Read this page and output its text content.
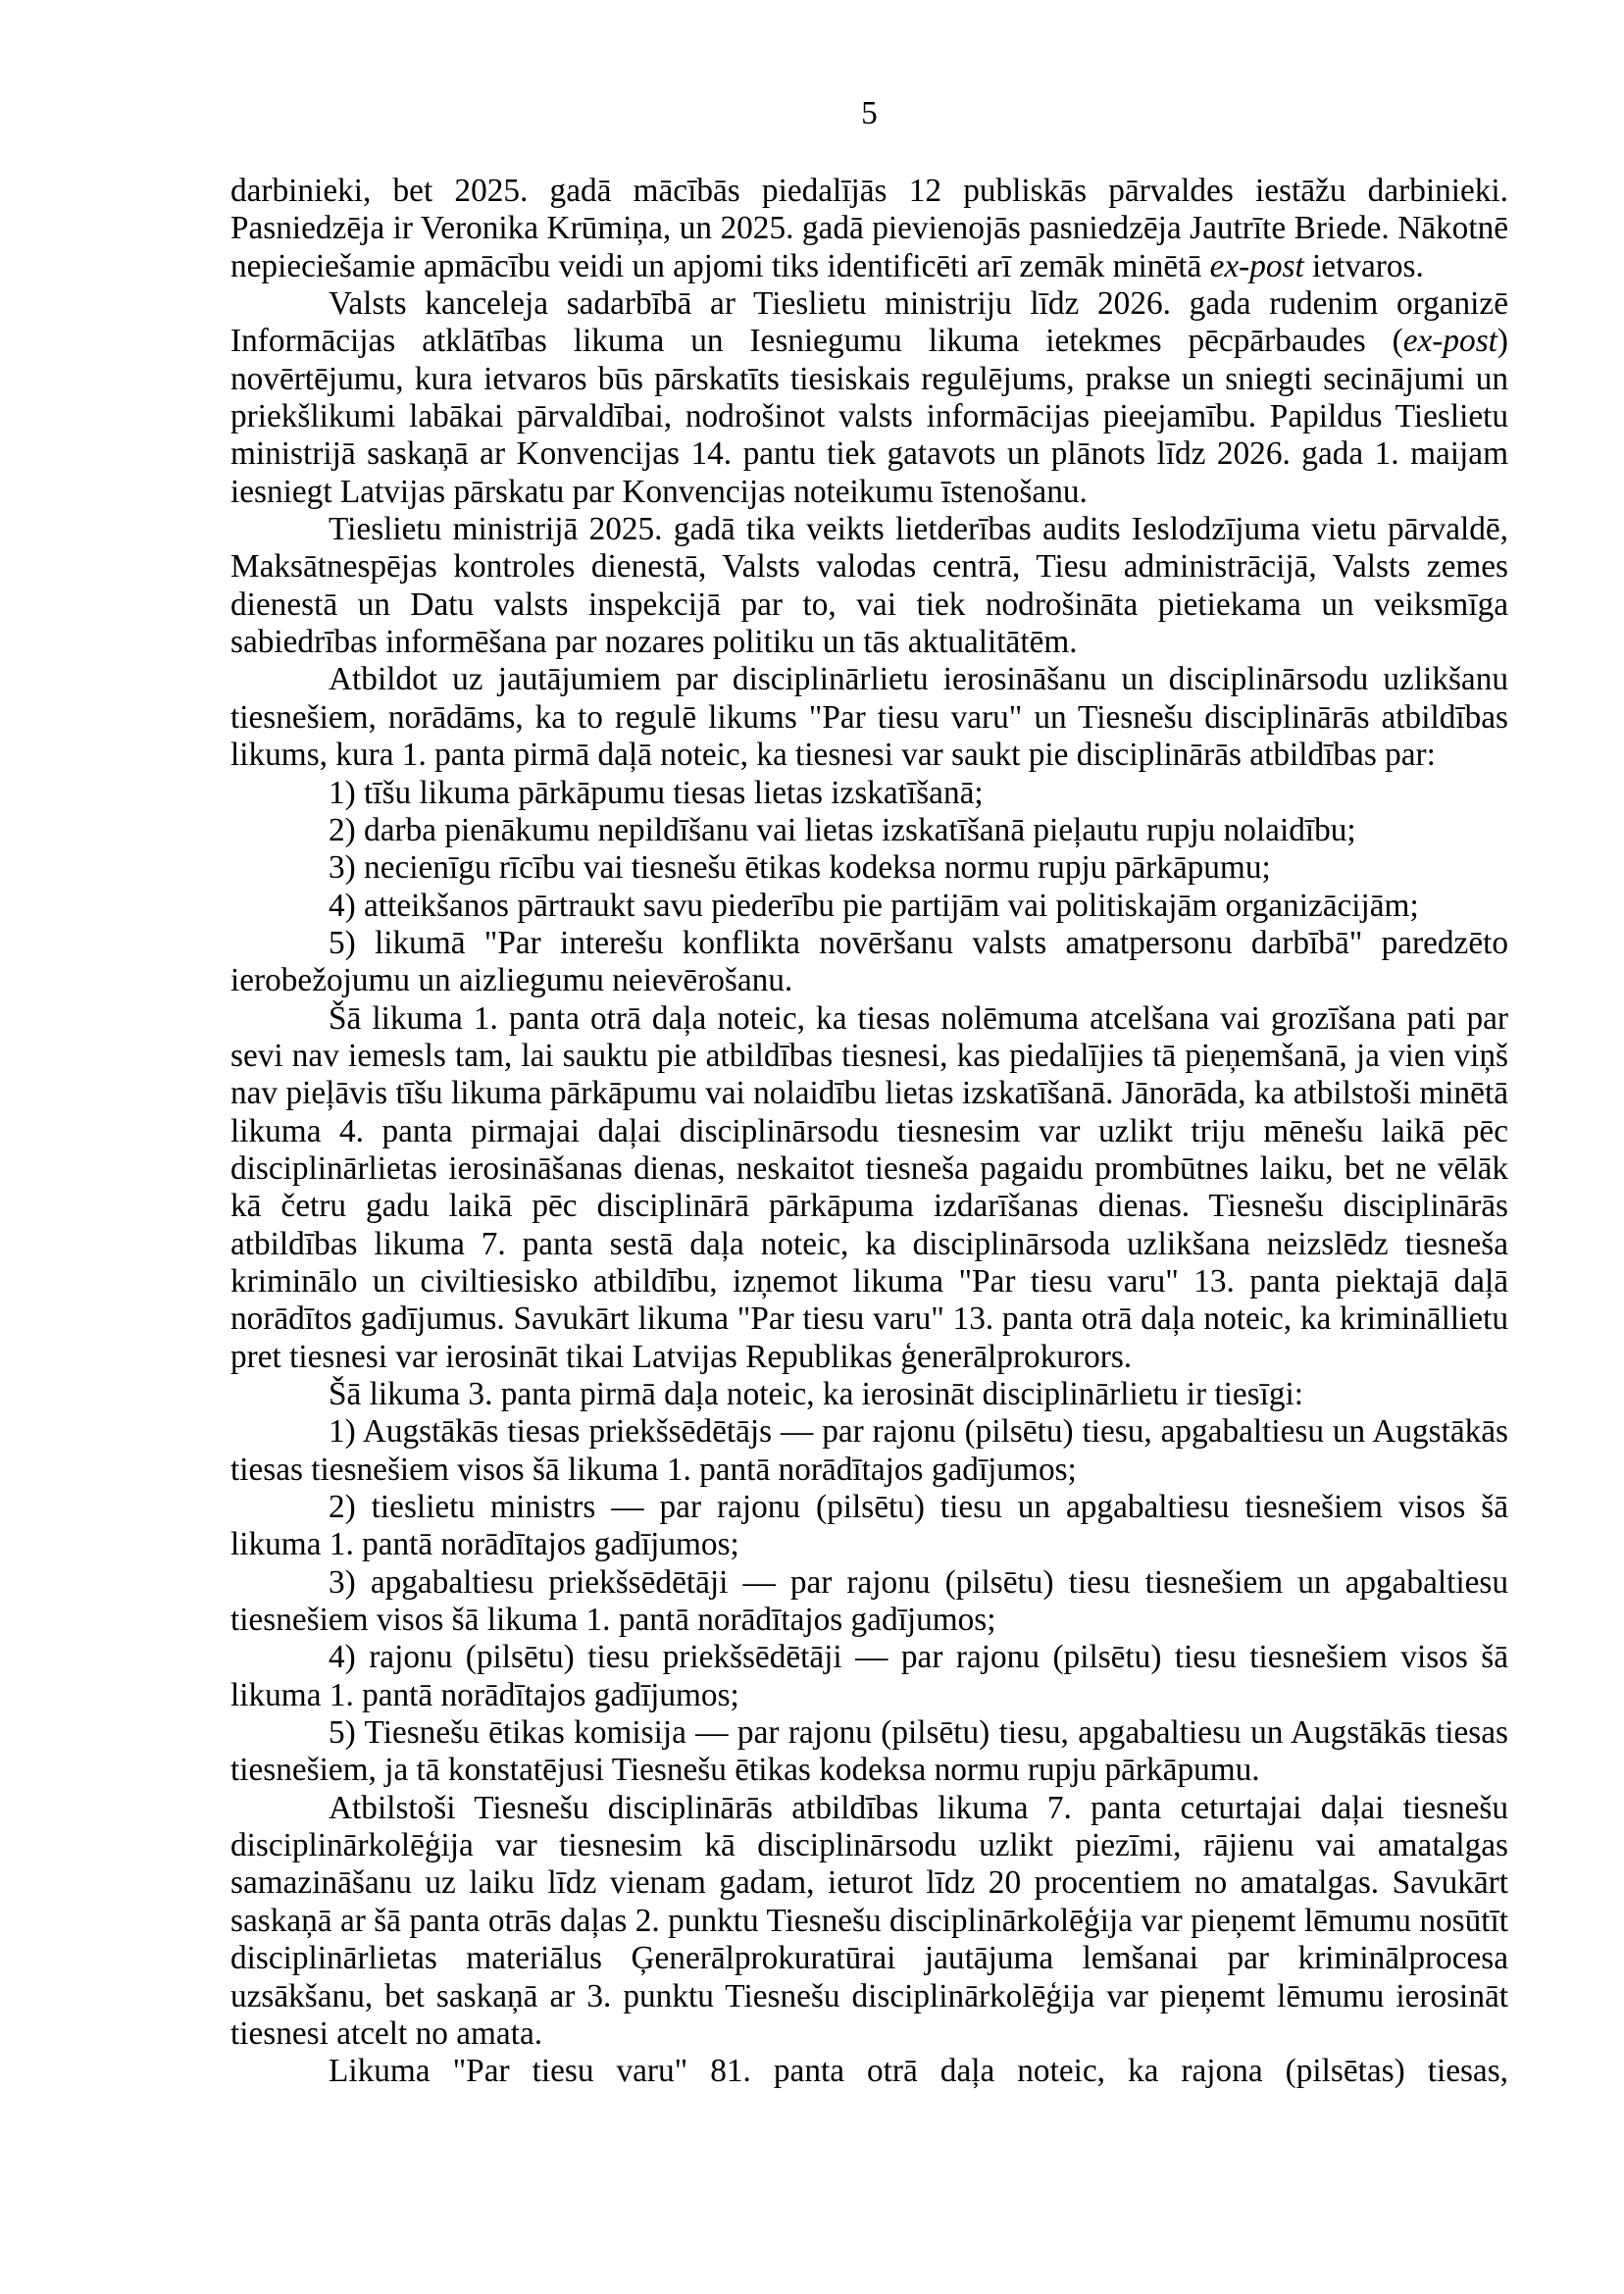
5

darbinieki, bet 2025. gadā mācībās piedalījās 12 publiskās pārvaldes iestāžu darbinieki. Pasniedzēja ir Veronika Krūmiņa, un 2025. gadā pievienojās pasniedzēja Jautrīte Briede. Nākotnē nepieciešamie apmācību veidi un apjomi tiks identificēti arī zemāk minētā ex-post ietvaros.

Valsts kanceleja sadarbībā ar Tieslietu ministriju līdz 2026. gada rudenim organizē Informācijas atklātības likuma un Iesniegumu likuma ietekmes pēcpārbaudes (ex-post) novērtējumu, kura ietvaros būs pārskatīts tiesiskais regulējums, prakse un sniegti secinājumi un priekšlikumi labākai pārvaldībai, nodrošinot valsts informācijas pieejamību. Papildus Tieslietu ministrijā saskaņā ar Konvencijas 14. pantu tiek gatavots un plānots līdz 2026. gada 1. maijam iesniegt Latvijas pārskatu par Konvencijas noteikumu īstenošanu.

Tieslietu ministrijā 2025. gadā tika veikts lietderības audits Ieslodzījuma vietu pārvaldē, Maksātnespējas kontroles dienestā, Valsts valodas centrā, Tiesu administrācijā, Valsts zemes dienestā un Datu valsts inspekcijā par to, vai tiek nodrošināta pietiekama un veiksmīga sabiedrības informēšana par nozares politiku un tās aktualitātēm.

Atbildot uz jautājumiem par disciplinārlietu ierosināšanu un disciplinārsodu uzlikšanu tiesnešiem, norādāms, ka to regulē likums "Par tiesu varu" un Tiesnešu disciplinārās atbildības likums, kura 1. panta pirmā daļā noteic, ka tiesnesi var saukt pie disciplinārās atbildības par:

1) tīšu likuma pārkāpumu tiesas lietas izskatīšanā;

2) darba pienākumu nepildīšanu vai lietas izskatīšanā pieļautu rupju nolaidību;

3) necienīgu rīcību vai tiesnešu ētikas kodeksa normu rupju pārkāpumu;

4) atteikšanos pārtraukt savu piederību pie partijām vai politiskajām organizācijām;

5) likumā "Par interešu konflikta novēršanu valsts amatpersonu darbībā" paredzēto ierobežojumu un aizliegumu neievērošanu.

Šā likuma 1. panta otrā daļa noteic, ka tiesas nolēmuma atcelšana vai grozīšana pati par sevi nav iemesls tam, lai sauktu pie atbildības tiesnesi, kas piedalījies tā pieņemšanā, ja vien viņš nav pieļāvis tīšu likuma pārkāpumu vai nolaidību lietas izskatīšanā. Jānorāda, ka atbilstoši minētā likuma 4. panta pirmajai daļai disciplinārsodu tiesnesim var uzlikt triju mēnešu laikā pēc disciplinārlietas ierosināšanas dienas, neskaitot tiesneša pagaidu prombūtnes laiku, bet ne vēlāk kā četru gadu laikā pēc disciplinārā pārkāpuma izdarīšanas dienas. Tiesnešu disciplinārās atbildības likuma 7. panta sestā daļa noteic, ka disciplinārsoda uzlikšana neizslēdz tiesneša kriminālo un civiltiesisko atbildību, izņemot likuma "Par tiesu varu" 13. panta piektajā daļā norādītos gadījumus. Savukārt likuma "Par tiesu varu" 13. panta otrā daļa noteic, ka krimināllietu pret tiesnesi var ierosināt tikai Latvijas Republikas ģenerālprokurors.

Šā likuma 3. panta pirmā daļa noteic, ka ierosināt disciplinārlietu ir tiesīgi:

1) Augstākās tiesas priekšsēdētājs — par rajonu (pilsētu) tiesu, apgabaltiesu un Augstākās tiesas tiesnešiem visos šā likuma 1. pantā norādītajos gadījumos;

2) tieslietu ministrs — par rajonu (pilsētu) tiesu un apgabaltiesu tiesnešiem visos šā likuma 1. pantā norādītajos gadījumos;

3) apgabaltiesu priekšsēdētāji — par rajonu (pilsētu) tiesu tiesnešiem un apgabaltiesu tiesnešiem visos šā likuma 1. pantā norādītajos gadījumos;

4) rajonu (pilsētu) tiesu priekšsēdētāji — par rajonu (pilsētu) tiesu tiesnešiem visos šā likuma 1. pantā norādītajos gadījumos;

5) Tiesnešu ētikas komisija — par rajonu (pilsētu) tiesu, apgabaltiesu un Augstākās tiesas tiesnešiem, ja tā konstatējusi Tiesnešu ētikas kodeksa normu rupju pārkāpumu.

Atbilstoši Tiesnešu disciplinārās atbildības likuma 7. panta ceturtajai daļai tiesnešu disciplinārkolēģija var tiesnesim kā disciplinārsodu uzlikt piezīmi, rājienu vai amatalgas samazināšanu uz laiku līdz vienam gadam, ieturot līdz 20 procentiem no amatalgas. Savukārt saskaņā ar šā panta otrās daļas 2. punktu Tiesnešu disciplinārkolēģija var pieņemt lēmumu nosūtīt disciplinārlietas materiālus Ģenerālprokuratūrai jautājuma lemšanai par kriminālprocesa uzsākšanu, bet saskaņā ar 3. punktu Tiesnešu disciplinārkolēģija var pieņemt lēmumu ierosināt tiesnesi atcelt no amata.

Likuma "Par tiesu varu" 81. panta otrā daļa noteic, ka rajona (pilsētas) tiesas,
